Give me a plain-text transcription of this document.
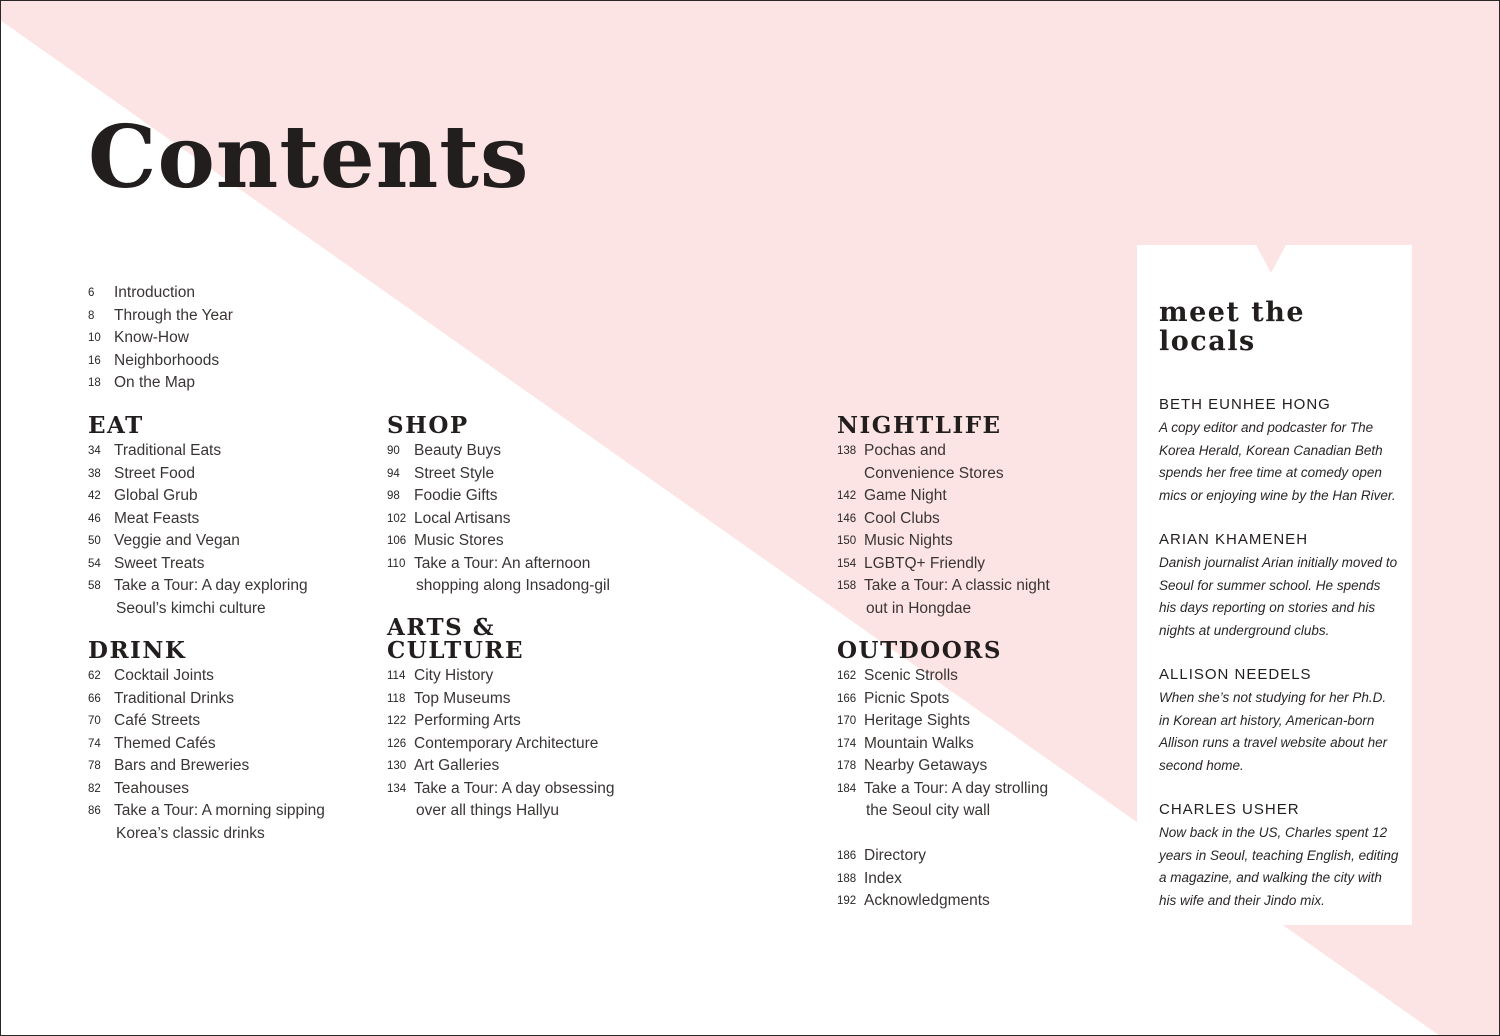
Contents
6 Introduction
8 Through the Year
10 Know-How
16 Neighborhoods
18 On the Map
EAT
34 Traditional Eats
38 Street Food
42 Global Grub
46 Meat Feasts
50 Veggie and Vegan
54 Sweet Treats
58 Take a Tour: A day exploring
Seoul’s kimchi culture
DRINK
62 Cocktail Joints
66 Traditional Drinks
70 Café Streets
74 Themed Cafés
78 Bars and Breweries
82 Teahouses
86 Take a Tour: A morning sipping
Korea’s classic drinks
SHOP
90 Beauty Buys
94 Street Style
98 Foodie Gifts
102 Local Artisans
106 Music Stores
110 Take a Tour: An afternoon
shopping along Insadong-gil
ARTS &
CULTURE
114 City History
118 Top Museums
122 Performing Arts
126 Contemporary Architecture
130 Art Galleries
134 Take a Tour: A day obsessing
over all things Hallyu
NIGHTLIFE
138 Pochas and
Convenience Stores
142 Game Night
146 Cool Clubs
150 Music Nights
154 LGBTQ+ Friendly
158 Take a Tour: A classic night
out in Hongdae
OUTDOORS
162 Scenic Strolls
166 Picnic Spots
170 Heritage Sights
174 Mountain Walks
178 Nearby Getaways
184 Take a Tour: A day strolling
the Seoul city wall
186 Directory
188 Index
192 Acknowledgments
meet the
locals

BETH EUNHEE HONG

A copy editor and podcaster for The Korea Herald, Korean Canadian Beth spends her free time at comedy open mics or enjoying wine by the Han River.

ARIAN KHAMENEH

Danish journalist Arian initially moved to Seoul for summer school. He spends his days reporting on stories and his nights at underground clubs.

ALLISON NEEDELS

When she’s not studying for her Ph.D. in Korean art history, American-born Allison runs a travel website about her second home.

CHARLES USHER

Now back in the US, Charles spent 12 years in Seoul, teaching English, editing a magazine, and walking the city with his wife and their Jindo mix.
